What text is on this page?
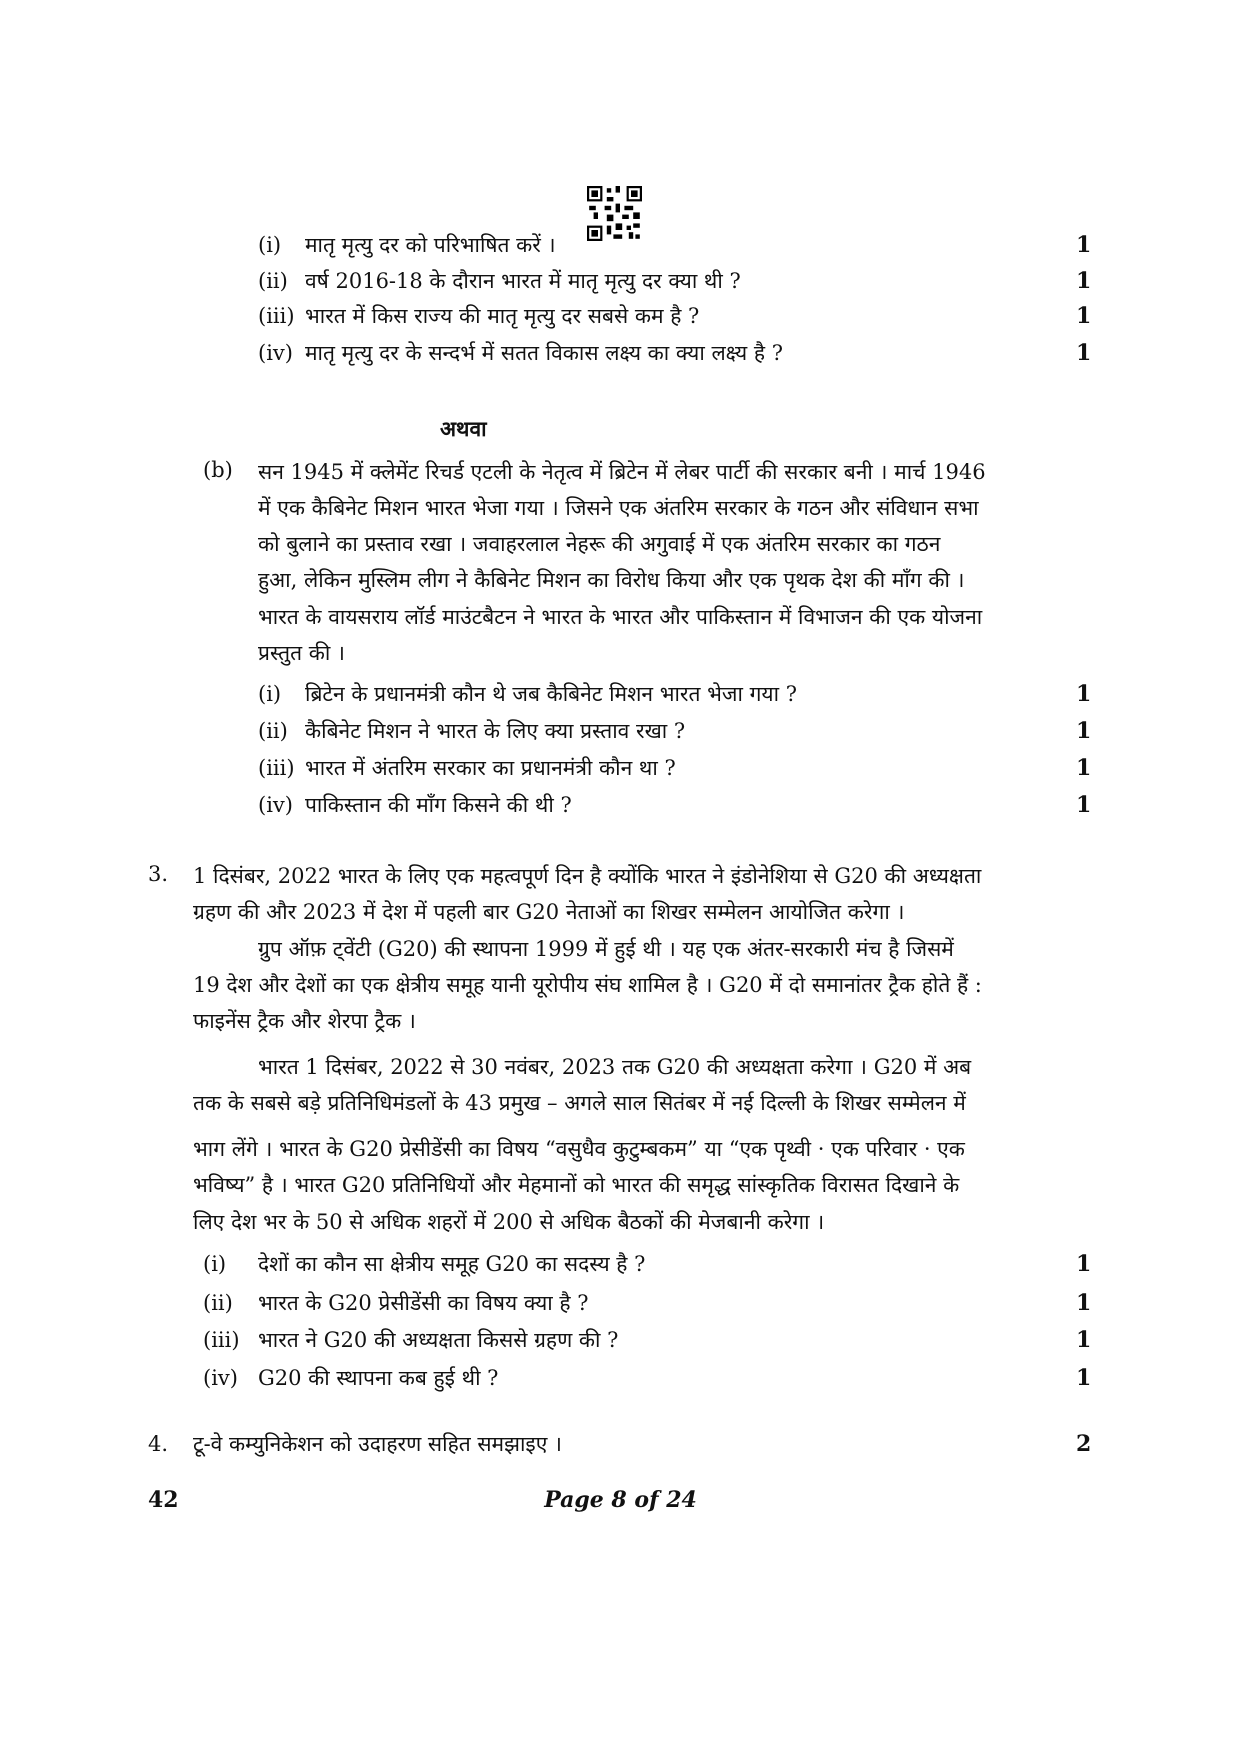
(i) मातृ मृत्यु दर को परिभाषित करें ।	1
(ii) वर्ष 2016-18 के दौरान भारत में मातृ मृत्यु दर क्या थी ?	1
(iii) भारत में किस राज्य की मातृ मृत्यु दर सबसे कम है ?	1
(iv) मातृ मृत्यु दर के सन्दर्भ में सतत विकास लक्ष्य का क्या लक्ष्य है ?	1
अथवा
(b) सन 1945 में क्लेमेंट रिचर्ड एटली के नेतृत्व में ब्रिटेन में लेबर पार्टी की सरकार बनी । मार्च 1946
में एक कैबिनेट मिशन भारत भेजा गया । जिसने एक अंतरिम सरकार के गठन और संविधान सभा
को बुलाने का प्रस्ताव रखा । जवाहरलाल नेहरू की अगुवाई में एक अंतरिम सरकार का गठन
हुआ, लेकिन मुस्लिम लीग ने कैबिनेट मिशन का विरोध किया और एक पृथक देश की माँग की ।
भारत के वायसराय लॉर्ड माउंटबैटन ने भारत के भारत और पाकिस्तान में विभाजन की एक योजना
प्रस्तुत की ।
(i) ब्रिटेन के प्रधानमंत्री कौन थे जब कैबिनेट मिशन भारत भेजा गया ?	1
(ii) कैबिनेट मिशन ने भारत के लिए क्या प्रस्ताव रखा ?	1
(iii) भारत में अंतरिम सरकार का प्रधानमंत्री कौन था ?	1
(iv) पाकिस्तान की माँग किसने की थी ?	1
3. 1 दिसंबर, 2022 भारत के लिए एक महत्वपूर्ण दिन है क्योंकि भारत ने इंडोनेशिया से G20 की अध्यक्षता
ग्रहण की और 2023 में देश में पहली बार G20 नेताओं का शिखर सम्मेलन आयोजित करेगा ।
ग्रुप ऑफ़ ट्वेंटी (G20) की स्थापना 1999 में हुई थी । यह एक अंतर-सरकारी मंच है जिसमें
19 देश और देशों का एक क्षेत्रीय समूह यानी यूरोपीय संघ शामिल है । G20 में दो समानांतर ट्रैक होते हैं :
फाइनेंस ट्रैक और शेरपा ट्रैक ।
भारत 1 दिसंबर, 2022 से 30 नवंबर, 2023 तक G20 की अध्यक्षता करेगा । G20 में अब
तक के सबसे बड़े प्रतिनिधिमंडलों के 43 प्रमुख – अगले साल सितंबर में नई दिल्ली के शिखर सम्मेलन में
भाग लेंगे । भारत के G20 प्रेसीडेंसी का विषय “वसुधैव कुटुम्बकम” या “एक पृथ्वी · एक परिवार · एक
भविष्य” है । भारत G20 प्रतिनिधियों और मेहमानों को भारत की समृद्ध सांस्कृतिक विरासत दिखाने के
लिए देश भर के 50 से अधिक शहरों में 200 से अधिक बैठकों की मेजबानी करेगा ।
(i) देशों का कौन सा क्षेत्रीय समूह G20 का सदस्य है ?	1
(ii) भारत के G20 प्रेसीडेंसी का विषय क्या है ?	1
(iii) भारत ने G20 की अध्यक्षता किससे ग्रहण की ?	1
(iv) G20 की स्थापना कब हुई थी ?	1
4. टू-वे कम्युनिकेशन को उदाहरण सहित समझाइए ।	2
42	Page 8 of 24
